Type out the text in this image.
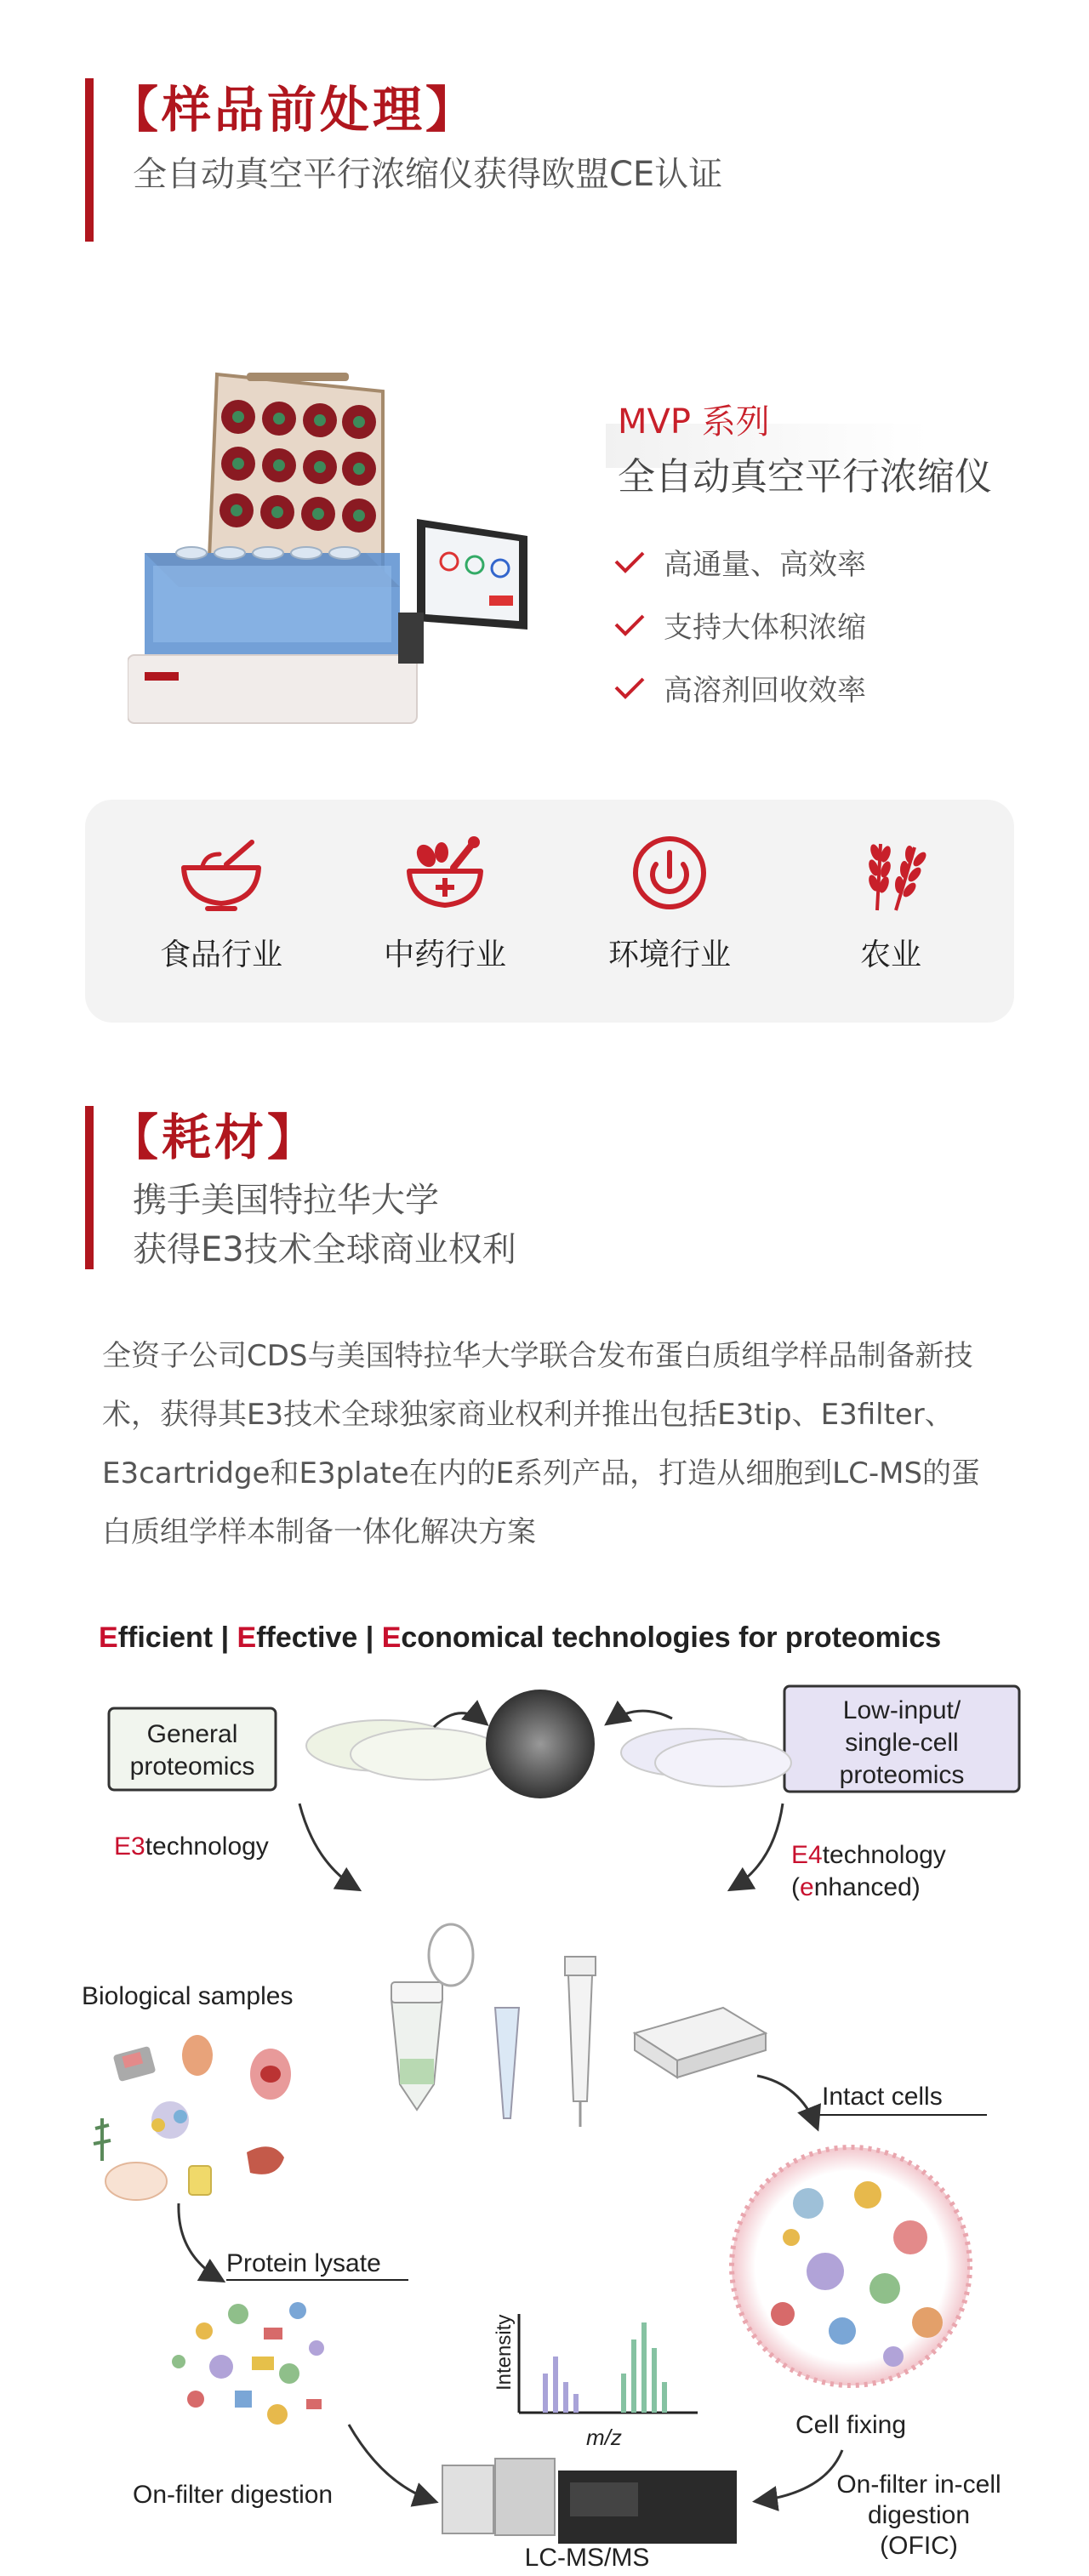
【样品前处理】
全自动真空平行浓缩仪获得欧盟CE认证
MVP 系列
全自动真空平行浓缩仪
高通量、高效率
支持大体积浓缩
高溶剂回收效率
食品行业	中药行业	环境行业	农业
【耗材】
携手美国特拉华大学
获得E3技术全球商业权利
全资子公司CDS与美国特拉华大学联合发布蛋白质组学样品制备新技术，获得其E3技术全球独家商业权利并推出包括E3tip、E3filter、E3cartridge和E3plate在内的E系列产品，打造从细胞到LC-MS的蛋白质组学样本制备一体化解决方案
Efficient | Effective | Economical technologies for proteomics
General
proteomics
Low-input/
single-cell
proteomics
E3technology	E4technology
(enhanced)
Biological samples
Protein lysate
On-filter digestion
Intact cells
Cell fixing
On-filter in-cell
digestion
(OFIC)
Intensity
m/z
LC-MS/MS
